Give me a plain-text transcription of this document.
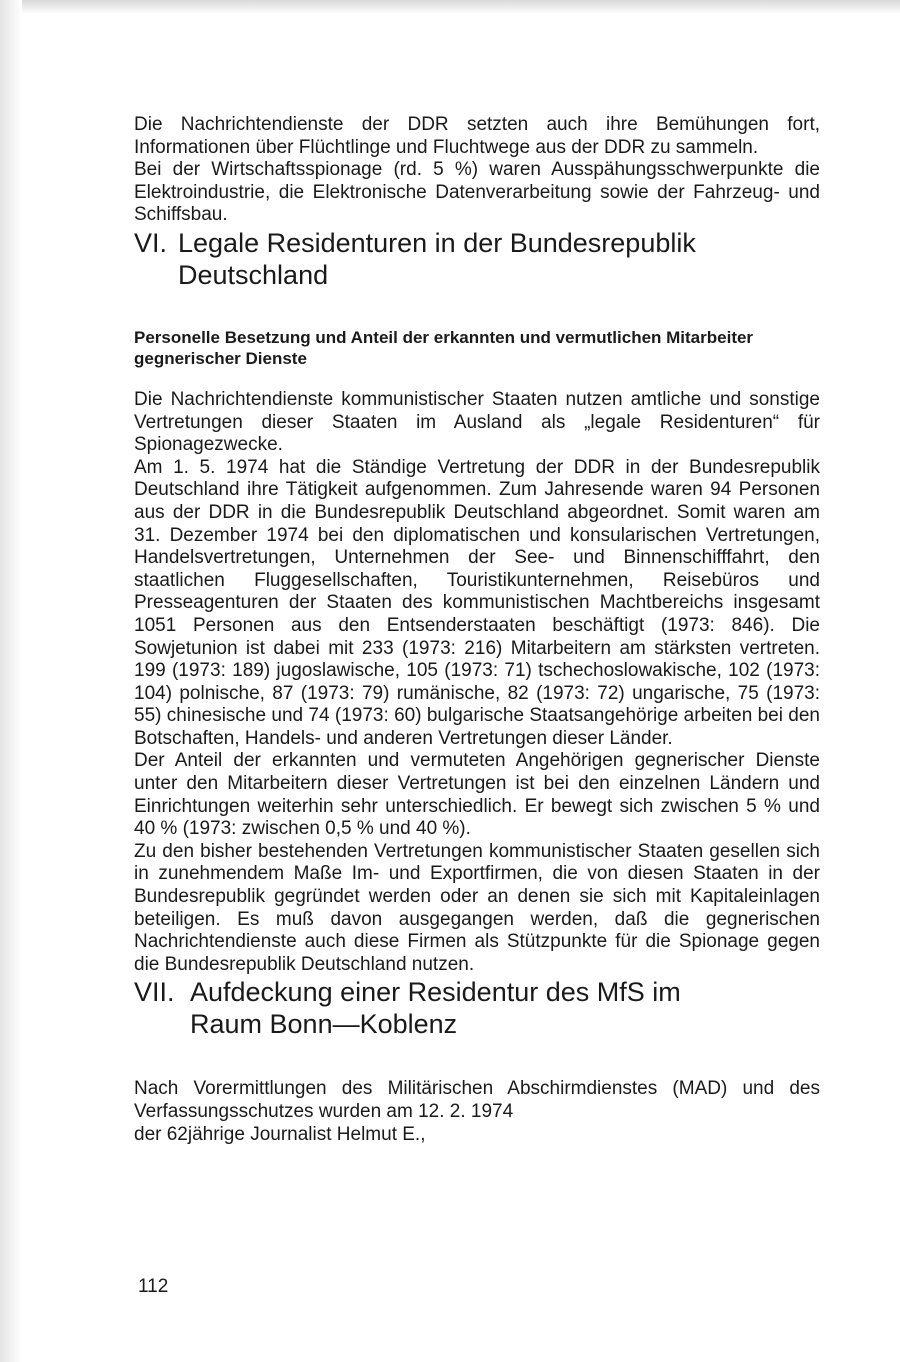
Die Nachrichtendienste der DDR setzten auch ihre Bemühungen fort, Informationen über Flüchtlinge und Fluchtwege aus der DDR zu sammeln.

Bei der Wirtschaftsspionage (rd. 5 %) waren Ausspähungsschwerpunkte die Elektroindustrie, die Elektronische Datenverarbeitung sowie der Fahrzeug- und Schiffsbau.

VI. Legale Residenturen in der Bundesrepublik Deutschland
Personelle Besetzung und Anteil der erkannten und vermutlichen Mitarbeiter gegnerischer Dienste

Die Nachrichtendienste kommunistischer Staaten nutzen amtliche und sonstige Vertretungen dieser Staaten im Ausland als „legale Residenturen“ für Spionagezwecke.

Am 1. 5. 1974 hat die Ständige Vertretung der DDR in der Bundesrepublik Deutschland ihre Tätigkeit aufgenommen. Zum Jahresende waren 94 Personen aus der DDR in die Bundesrepublik Deutschland abgeordnet. Somit waren am 31. Dezember 1974 bei den diplomatischen und konsularischen Vertretungen, Handelsvertretungen, Unternehmen der See- und Binnenschifffahrt, den staatlichen Fluggesellschaften, Touristikunternehmen, Reisebüros und Presseagenturen der Staaten des kommunistischen Machtbereichs insgesamt 1051 Personen aus den Entsenderstaaten beschäftigt (1973: 846). Die Sowjetunion ist dabei mit 233 (1973: 216) Mitarbeitern am stärksten vertreten. 199 (1973: 189) jugoslawische, 105 (1973: 71) tschechoslowakische, 102 (1973: 104) polnische, 87 (1973: 79) rumänische, 82 (1973: 72) ungarische, 75 (1973: 55) chinesische und 74 (1973: 60) bulgarische Staatsangehörige arbeiten bei den Botschaften, Handels- und anderen Vertretungen dieser Länder.

Der Anteil der erkannten und vermuteten Angehörigen gegnerischer Dienste unter den Mitarbeitern dieser Vertretungen ist bei den einzelnen Ländern und Einrichtungen weiterhin sehr unterschiedlich. Er bewegt sich zwischen 5 % und 40 % (1973: zwischen 0,5 % und 40 %).

Zu den bisher bestehenden Vertretungen kommunistischer Staaten gesellen sich in zunehmendem Maße Im- und Exportfirmen, die von diesen Staaten in der Bundesrepublik gegründet werden oder an denen sie sich mit Kapitaleinlagen beteiligen. Es muß davon ausgegangen werden, daß die gegnerischen Nachrichtendienste auch diese Firmen als Stützpunkte für die Spionage gegen die Bundesrepublik Deutschland nutzen.

VII. Aufdeckung einer Residentur des MfS im Raum Bonn—Koblenz

Nach Vorermittlungen des Militärischen Abschirmdienstes (MAD) und des Verfassungsschutzes wurden am 12. 2. 1974

der 62jährige Journalist Helmut E.,

112
